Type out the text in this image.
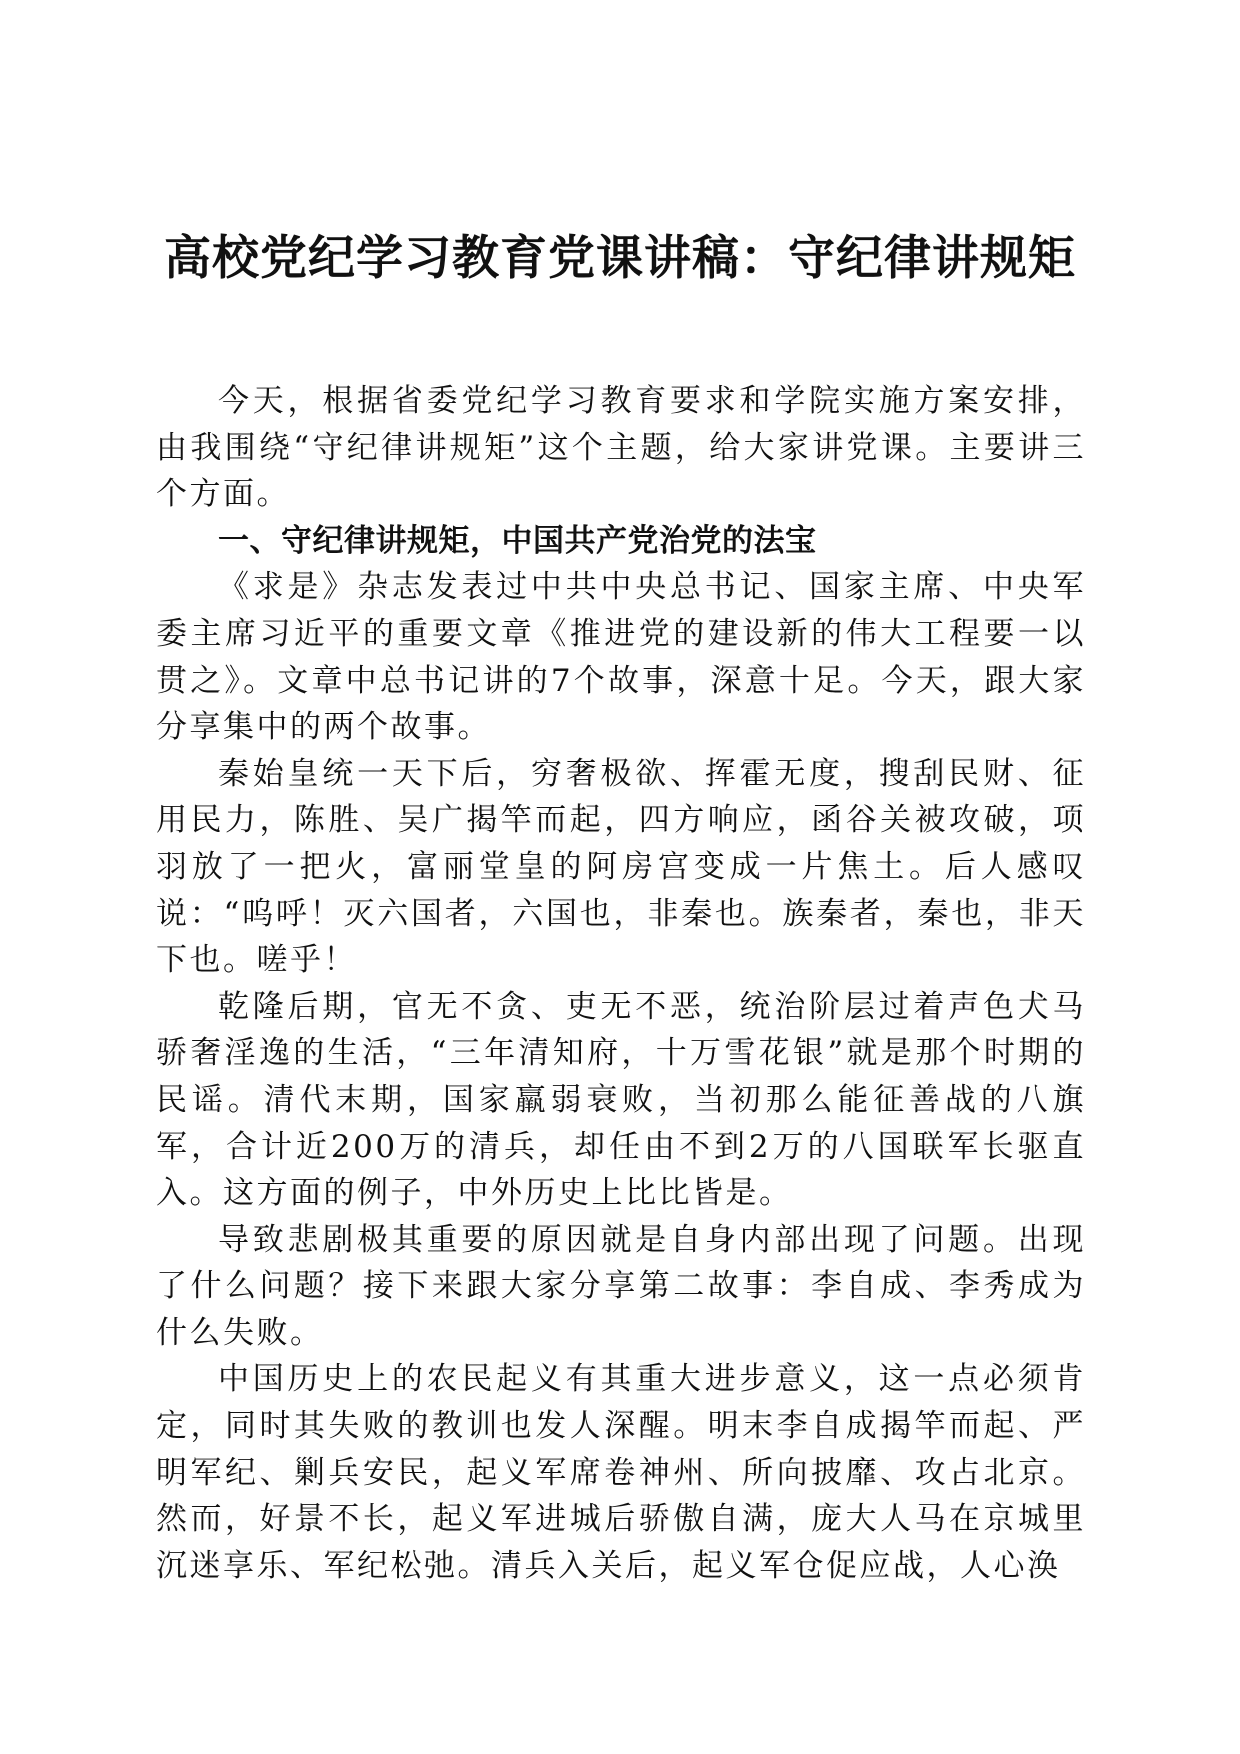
高校党纪学习教育党课讲稿：守纪律讲规矩

今天，根据省委党纪学习教育要求和学院实施方案安排，由我围绕“守纪律讲规矩”这个主题，给大家讲党课。主要讲三个方面。

一、守纪律讲规矩，中国共产党治党的法宝

《求是》杂志发表过中共中央总书记、国家主席、中央军委主席习近平的重要文章《推进党的建设新的伟大工程要一以贯之》。文章中总书记讲的7个故事，深意十足。今天，跟大家分享集中的两个故事。

秦始皇统一天下后，穷奢极欲、挥霍无度，搜刮民财、征用民力，陈胜、吴广揭竿而起，四方响应，函谷关被攻破，项羽放了一把火，富丽堂皇的阿房宫变成一片焦土。后人感叹说：“呜呼！灭六国者，六国也，非秦也。族秦者，秦也，非天下也。嗟乎！

乾隆后期，官无不贪、吏无不恶，统治阶层过着声色犬马骄奢淫逸的生活，“三年清知府，十万雪花银”就是那个时期的民谣。清代末期，国家羸弱衰败，当初那么能征善战的八旗军，合计近200万的清兵，却任由不到2万的八国联军长驱直入。这方面的例子，中外历史上比比皆是。

导致悲剧极其重要的原因就是自身内部出现了问题。出现了什么问题？接下来跟大家分享第二故事：李自成、李秀成为什么失败。

中国历史上的农民起义有其重大进步意义，这一点必须肯定，同时其失败的教训也发人深醒。明末李自成揭竿而起、严明军纪、剿兵安民，起义军席卷神州、所向披靡、攻占北京。然而，好景不长，起义军进城后骄傲自满，庞大人马在京城里沉迷享乐、军纪松弛。清兵入关后，起义军仓促应战，人心涣
